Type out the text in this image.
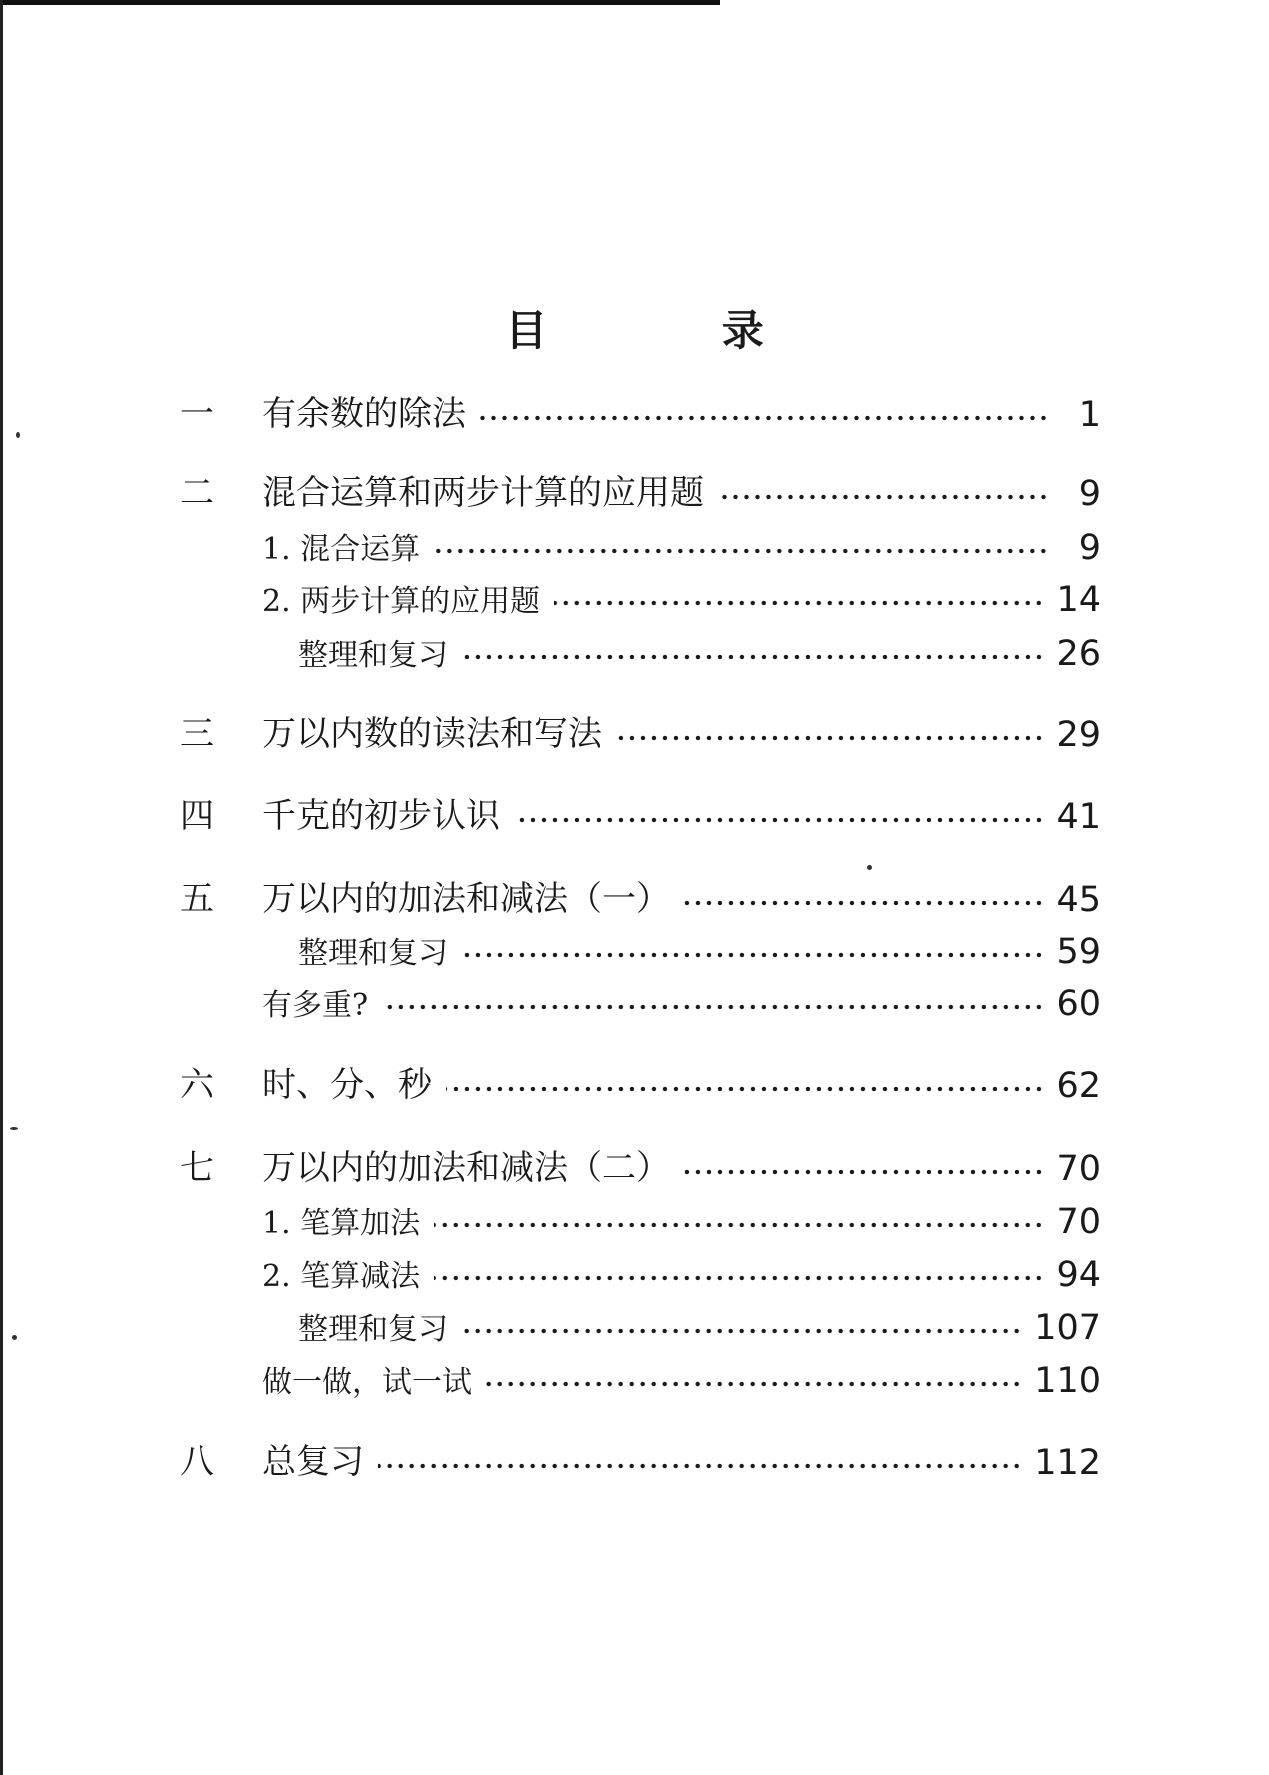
目 录
一	有余数的除法	1
二	混合运算和两步计算的应用题	9
1. 混合运算	9
2. 两步计算的应用题	14
整理和复习	26
三	万以内数的读法和写法	29
四	千克的初步认识	41
五	万以内的加法和减法（一）	45
整理和复习	59
有多重?	60
六	时、分、秒	62
七	万以内的加法和减法（二）	70
1. 笔算加法	70
2. 笔算减法	94
整理和复习	107
做一做，试一试	110
八	总复习	112
